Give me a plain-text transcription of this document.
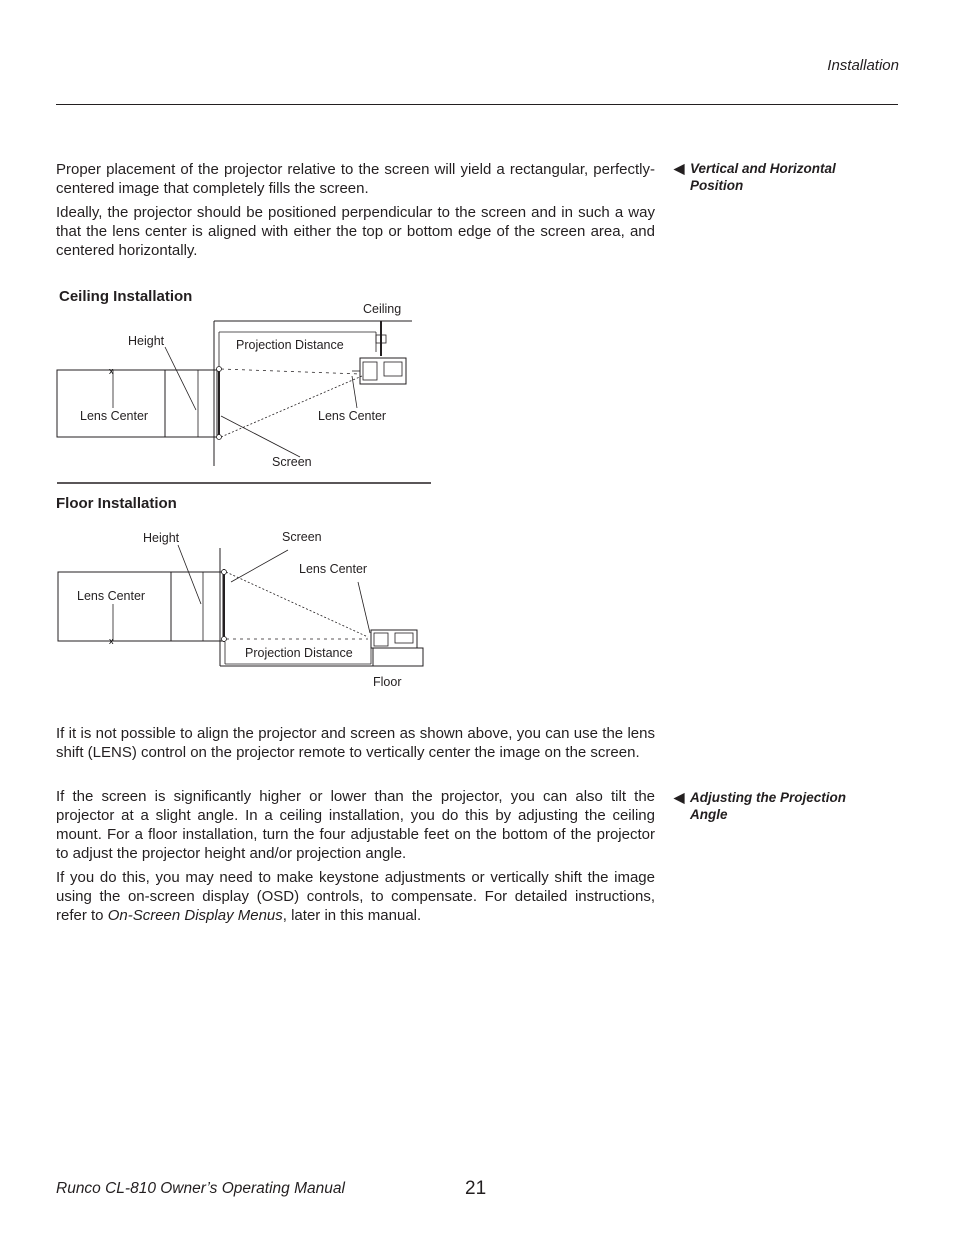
Installation

Proper placement of the projector relative to the screen will yield a rectangular, perfectly-centered image that completely fills the screen.

Ideally, the projector should be positioned perpendicular to the screen and in such a way that the lens center is aligned with either the top or bottom edge of the screen area, and centered horizontally.

◀ Vertical and Horizontal
Position
Ceiling Installation
x
Ceiling
Height	Projection Distance
Lens Center	Lens Center
Screen
Floor Installation
x
Height	Screen
Lens Center
Lens Center
Projection Distance
Floor

If it is not possible to align the projector and screen as shown above, you can use the lens shift (LENS) control on the projector remote to vertically center the image on the screen.

If the screen is significantly higher or lower than the projector, you can also tilt the projector at a slight angle. In a ceiling installation, you do this by adjusting the ceiling mount. For a floor installation, turn the four adjustable feet on the bottom of the projector to adjust the projector height and/or projection angle.

If you do this, you may need to make keystone adjustments or vertically shift the image using the on-screen display (OSD) controls, to compensate. For detailed instructions, refer to On-Screen Display Menus, later in this manual.

◀ Adjusting the Projection
Angle
Runco CL-810 Owner’s Operating Manual	21
